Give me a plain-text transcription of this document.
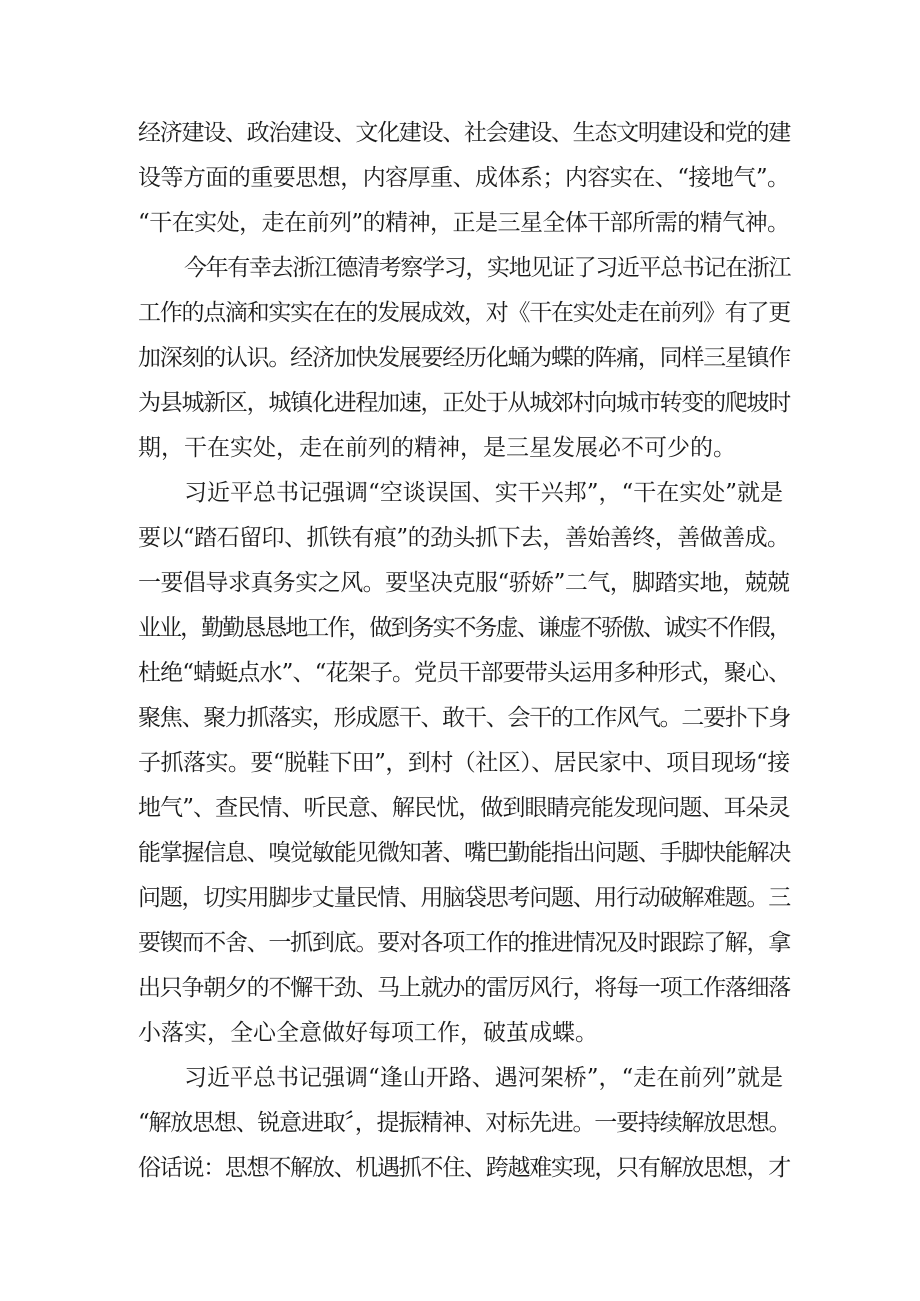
经济建设、政治建设、文化建设、社会建设、生态文明建设和党的建

设等方面的重要思想，内容厚重、成体系；内容实在、“接地气”。

“干在实处，走在前列”的精神，正是三星全体干部所需的精气神。

今年有幸去浙江德清考察学习，实地见证了习近平总书记在浙江

工作的点滴和实实在在的发展成效，对《干在实处走在前列》有了更

加深刻的认识。经济加快发展要经历化蛹为蝶的阵痛，同样三星镇作

为县城新区，城镇化进程加速，正处于从城郊村向城市转变的爬坡时

期，干在实处，走在前列的精神，是三星发展必不可少的。

习近平总书记强调“空谈误国、实干兴邦”，“干在实处”就是

要以“踏石留印、抓铁有痕”的劲头抓下去，善始善终，善做善成。

一要倡导求真务实之风。要坚决克服“骄娇”二气，脚踏实地，兢兢

业业，勤勤恳恳地工作，做到务实不务虚、谦虚不骄傲、诚实不作假，

杜绝“蜻蜓点水”、“花架子。党员干部要带头运用多种形式，聚心、

聚焦、聚力抓落实，形成愿干、敢干、会干的工作风气。二要扑下身

子抓落实。要“脱鞋下田”，到村（社区）、居民家中、项目现场“接

地气”、查民情、听民意、解民忧，做到眼睛亮能发现问题、耳朵灵

能掌握信息、嗅觉敏能见微知著、嘴巴勤能指出问题、手脚快能解决

问题，切实用脚步丈量民情、用脑袋思考问题、用行动破解难题。三

要锲而不舍、一抓到底。要对各项工作的推进情况及时跟踪了解，拿

出只争朝夕的不懈干劲、马上就办的雷厉风行，将每一项工作落细落

小落实，全心全意做好每项工作，破茧成蝶。

习近平总书记强调“逢山开路、遇河架桥”，“走在前列”就是

“解放思想、锐意进取〞，提振精神、对标先进。一要持续解放思想。

俗话说：思想不解放、机遇抓不住、跨越难实现，只有解放思想，才
